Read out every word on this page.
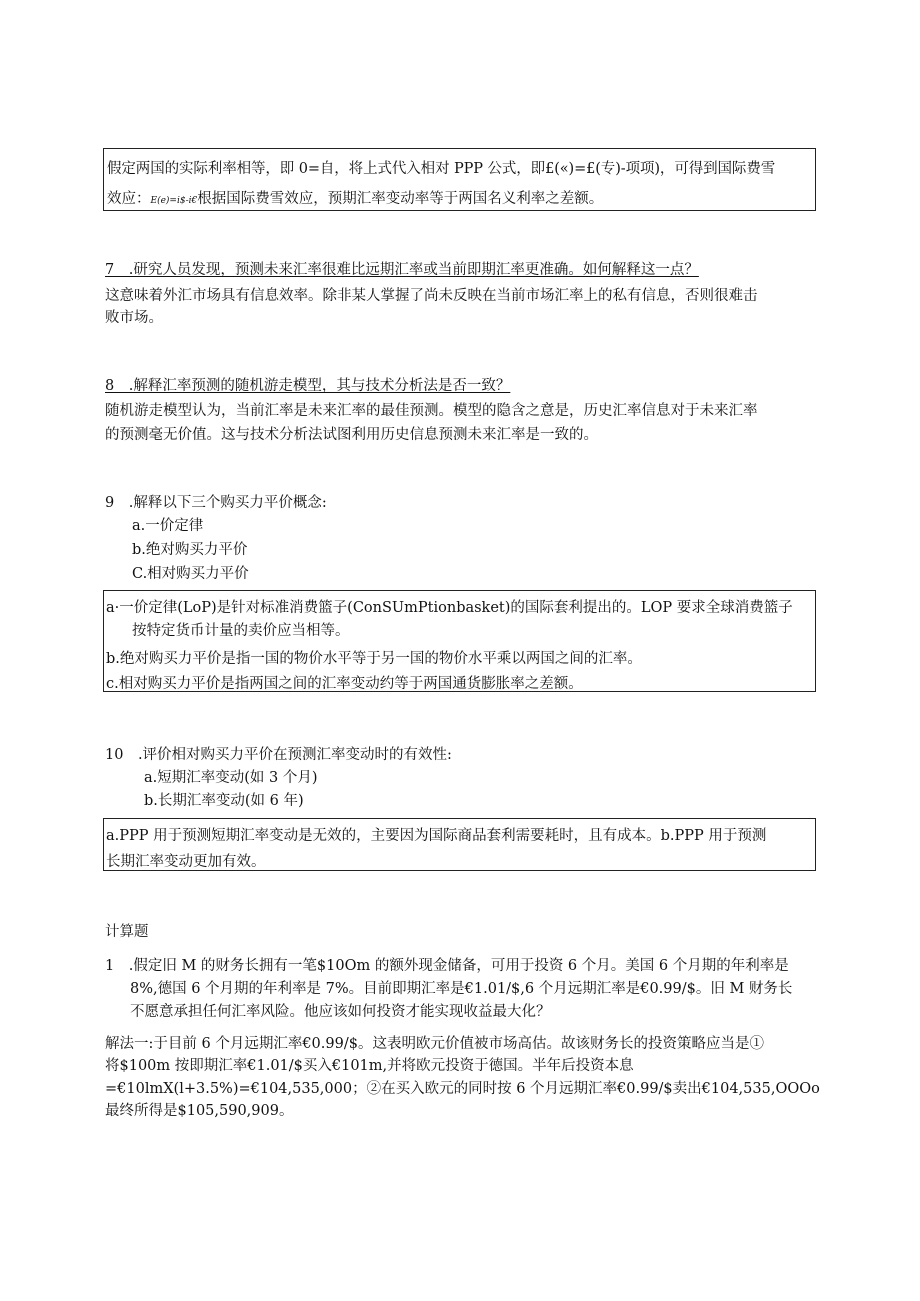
假定两国的实际利率相等，即 0=自，将上式代入相对 PPP 公式，即£(«)=£(专)-项项)，可得到国际费雪
效应：E(e)=i$-i€根据国际费雪效应，预期汇率变动率等于两国名义利率之差额。
7　.研究人员发现，预测未来汇率很难比远期汇率或当前即期汇率更准确。如何解释这一点？
这意味着外汇市场具有信息效率。除非某人掌握了尚未反映在当前市场汇率上的私有信息，否则很难击
败市场。
8　.解释汇率预测的随机游走模型，其与技术分析法是否一致？
随机游走模型认为，当前汇率是未来汇率的最佳预测。模型的隐含之意是，历史汇率信息对于未来汇率
的预测毫无价值。这与技术分析法试图利用历史信息预测未来汇率是一致的。
9　.解释以下三个购买力平价概念:
a.一价定律
b.绝对购买力平价
C.相对购买力平价
a·一价定律(LoP)是针对标准消费篮子(ConSUmPtionbasket)的国际套利提出的。LOP 要求全球消费篮子
按特定货币计量的卖价应当相等。
b.绝对购买力平价是指一国的物价水平等于另一国的物价水平乘以两国之间的汇率。
c.相对购买力平价是指两国之间的汇率变动约等于两国通货膨胀率之差额。
10　.评价相对购买力平价在预测汇率变动时的有效性:
a.短期汇率变动(如 3 个月)
b.长期汇率变动(如 6 年)
a.PPP 用于预测短期汇率变动是无效的，主要因为国际商品套利需要耗时，且有成本。b.PPP 用于预测
长期汇率变动更加有效。
计算题
1　.假定旧 M 的财务长拥有一笔$10Om 的额外现金储备，可用于投资 6 个月。美国 6 个月期的年利率是
8%,德国 6 个月期的年利率是 7%。目前即期汇率是€1.01/$,6 个月远期汇率是€0.99/$。旧 M 财务长
不愿意承担任何汇率风险。他应该如何投资才能实现收益最大化？
解法一:于目前 6 个月远期汇率€0.99/$。这表明欧元价值被市场高估。故该财务长的投资策略应当是①
将$100m 按即期汇率€1.01/$买入€101m,并将欧元投资于德国。半年后投资本息
=€10lmX(l+3.5%)=€104,535,000；②在买入欧元的同时按 6 个月远期汇率€0.99/$卖出€104,535,OOOo
最终所得是$105,590,909。
